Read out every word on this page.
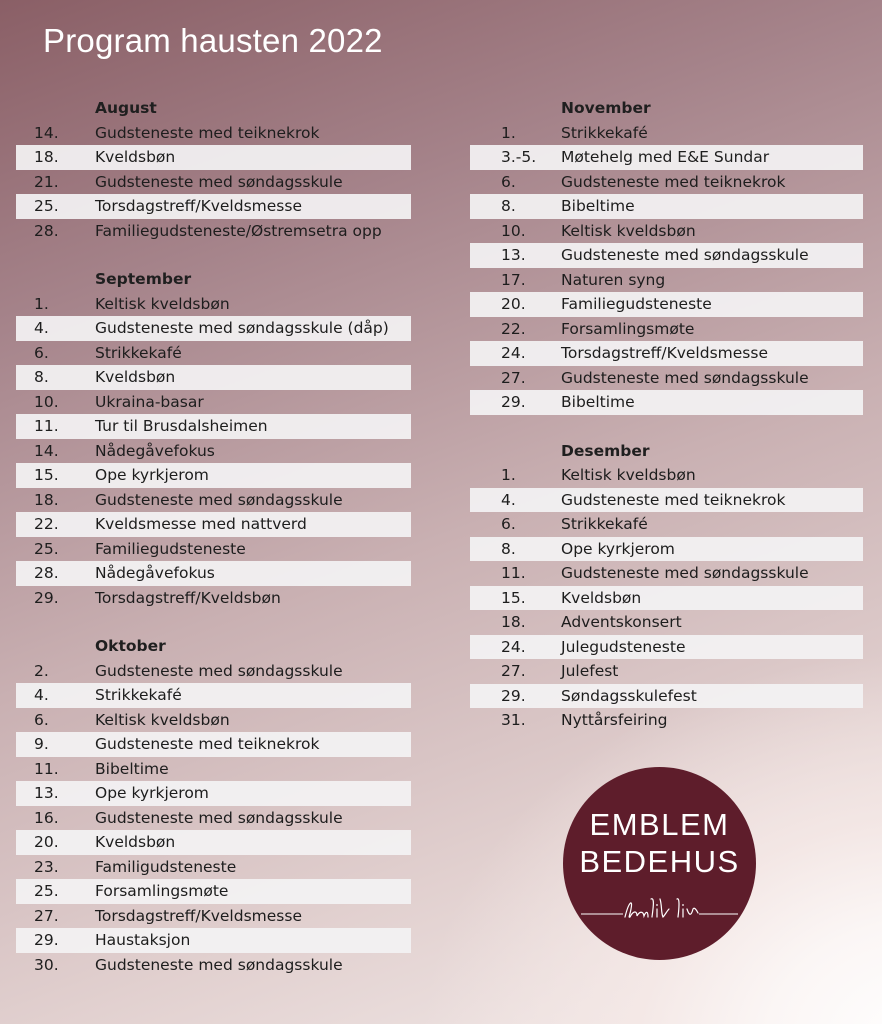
Program hausten 2022
August
14.	Gudsteneste med teiknekrok
18.	Kveldsbøn
21.	Gudsteneste med søndagsskule
25.	Torsdagstreff/Kveldsmesse
28.	Familiegudsteneste/Østremsetra opp
September
1.	Keltisk kveldsbøn
4.	Gudsteneste med søndagsskule (dåp)
6.	Strikkekafé
8.	Kveldsbøn
10.	Ukraina-basar
11.	Tur til Brusdalsheimen
14.	Nådegåvefokus
15.	Ope kyrkjerom
18.	Gudsteneste med søndagsskule
22.	Kveldsmesse med nattverd
25.	Familiegudsteneste
28.	Nådegåvefokus
29.	Torsdagstreff/Kveldsbøn
Oktober
2.	Gudsteneste med søndagsskule
4.	Strikkekafé
6.	Keltisk kveldsbøn
9.	Gudsteneste med teiknekrok
11.	Bibeltime
13.	Ope kyrkjerom
16.	Gudsteneste med søndagsskule
20.	Kveldsbøn
23.	Familigudsteneste
25.	Forsamlingsmøte
27.	Torsdagstreff/Kveldsmesse
29.	Haustaksjon
30.	Gudsteneste med søndagsskule
November
1.	Strikkekafé
3.-5.	Møtehelg med E&E Sundar
6.	Gudsteneste med teiknekrok
8.	Bibeltime
10.	Keltisk kveldsbøn
13.	Gudsteneste med søndagsskule
17.	Naturen syng
20.	Familiegudsteneste
22.	Forsamlingsmøte
24.	Torsdagstreff/Kveldsmesse
27.	Gudsteneste med søndagsskule
29.	Bibeltime
Desember
1.	Keltisk kveldsbøn
4.	Gudsteneste med teiknekrok
6.	Strikkekafé
8.	Ope kyrkjerom
11.	Gudsteneste med søndagsskule
15.	Kveldsbøn
18.	Adventskonsert
24.	Julegudsteneste
27.	Julefest
29.	Søndagsskulefest
31.	Nyttårsfeiring
EMBLEM
BEDEHUS
